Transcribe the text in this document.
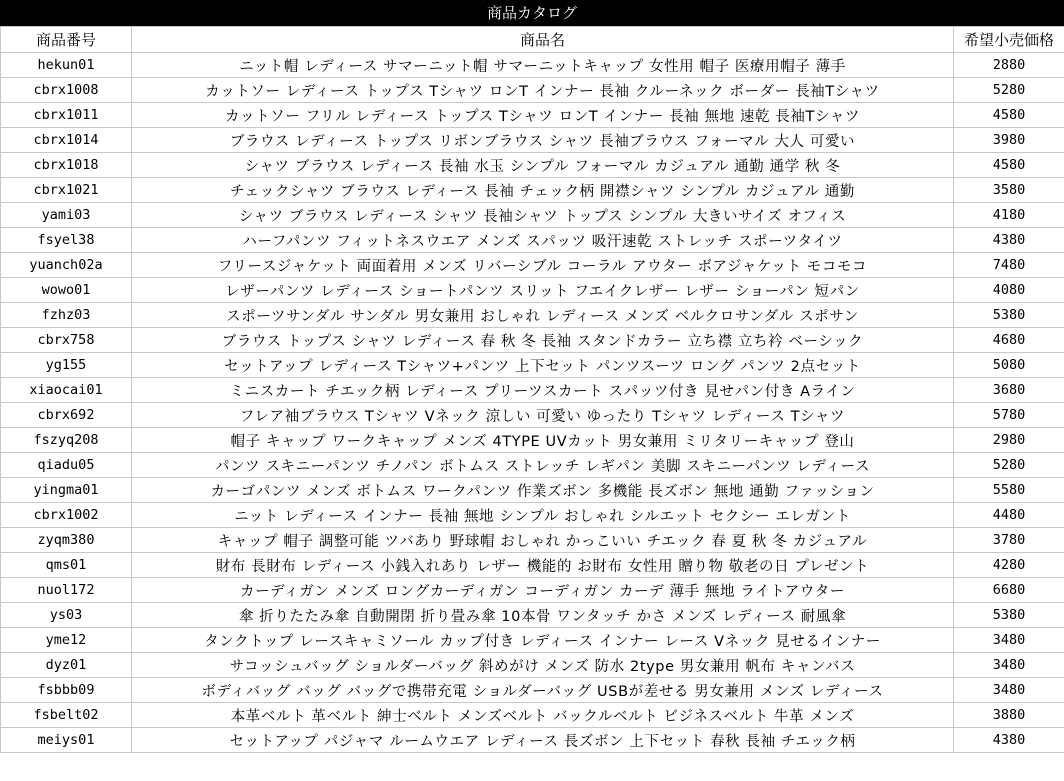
商品カタログ
商品番号	商品名	希望小売価格
hekun01	ニット帽 レディース サマーニット帽 サマーニットキャップ 女性用 帽子 医療用帽子 薄手	2880
cbrx1008	カットソー レディース トップス Tシャツ ロンT インナー 長袖 クルーネック ボーダー 長袖Tシャツ	5280
cbrx1011	カットソー フリル レディース トップス Tシャツ ロンT インナー 長袖 無地 速乾 長袖Tシャツ	4580
cbrx1014	ブラウス レディース トップス リボンブラウス シャツ 長袖ブラウス フォーマル 大人 可愛い	3980
cbrx1018	シャツ ブラウス レディース 長袖 水玉 シンプル フォーマル カジュアル 通勤 通学 秋 冬	4580
cbrx1021	チェックシャツ ブラウス レディース 長袖 チェック柄 開襟シャツ シンプル カジュアル 通勤	3580
yami03	シャツ ブラウス レディース シャツ 長袖シャツ トップス シンプル 大きいサイズ オフィス	4180
fsyel38	ハーフパンツ フィットネスウエア メンズ スパッツ 吸汗速乾 ストレッチ スポーツタイツ	4380
yuanch02a	フリースジャケット 両面着用 メンズ リバーシブル コーラル アウター ボアジャケット モコモコ	7480
wowo01	レザーパンツ レディース ショートパンツ スリット フエイクレザー レザー ショーパン 短パン	4080
fzhz03	スポーツサンダル サンダル 男女兼用 おしゃれ レディース メンズ ベルクロサンダル スポサン	5380
cbrx758	ブラウス トップス シャツ レディース 春 秋 冬 長袖 スタンドカラー 立ち襟 立ち衿 ベーシック	4680
yg155	セットアップ レディース Tシャツ+パンツ 上下セット パンツスーツ ロング パンツ 2点セット	5080
xiaocai01	ミニスカート チエック柄 レディース プリーツスカート スパッツ付き 見せパン付き Aライン	3680
cbrx692	フレア袖ブラウス Tシャツ Vネック 涼しい 可愛い ゆったり Tシャツ レディース Tシャツ	5780
fszyq208	帽子 キャップ ワークキャップ メンズ 4TYPE UVカット 男女兼用 ミリタリーキャップ 登山	2980
qiadu05	パンツ スキニーパンツ チノパン ボトムス ストレッチ レギパン 美脚 スキニーパンツ レディース	5280
yingma01	カーゴパンツ メンズ ボトムス ワークパンツ 作業ズボン 多機能 長ズボン 無地 通勤 ファッション	5580
cbrx1002	ニット レディース インナー 長袖 無地 シンプル おしゃれ シルエット セクシー エレガント	4480
zyqm380	キャップ 帽子 調整可能 ツバあり 野球帽 おしゃれ かっこいい チエック 春 夏 秋 冬 カジュアル	3780
qms01	財布 長財布 レディース 小銭入れあり レザー 機能的 お財布 女性用 贈り物 敬老の日 プレゼント	4280
nuol172	カーディガン メンズ ロングカーディガン コーディガン カーデ 薄手 無地 ライトアウター	6680
ys03	傘 折りたたみ傘 自動開閉 折り畳み傘 10本骨 ワンタッチ かさ メンズ レディース 耐風傘	5380
yme12	タンクトップ レースキャミソール カップ付き レディース インナー レース Vネック 見せるインナー	3480
dyz01	サコッシュバッグ ショルダーバッグ 斜めがけ メンズ 防水 2type 男女兼用 帆布 キャンバス	3480
fsbbb09	ボディバッグ バッグ バッグで携帯充電 ショルダーバッグ USBが差せる 男女兼用 メンズ レディース	3480
fsbelt02	本革ベルト 革ベルト 紳士ベルト メンズベルト バックルベルト ビジネスベルト 牛革 メンズ	3880
meiys01	セットアップ パジャマ ルームウエア レディース 長ズボン 上下セット 春秋 長袖 チエック柄	4380
